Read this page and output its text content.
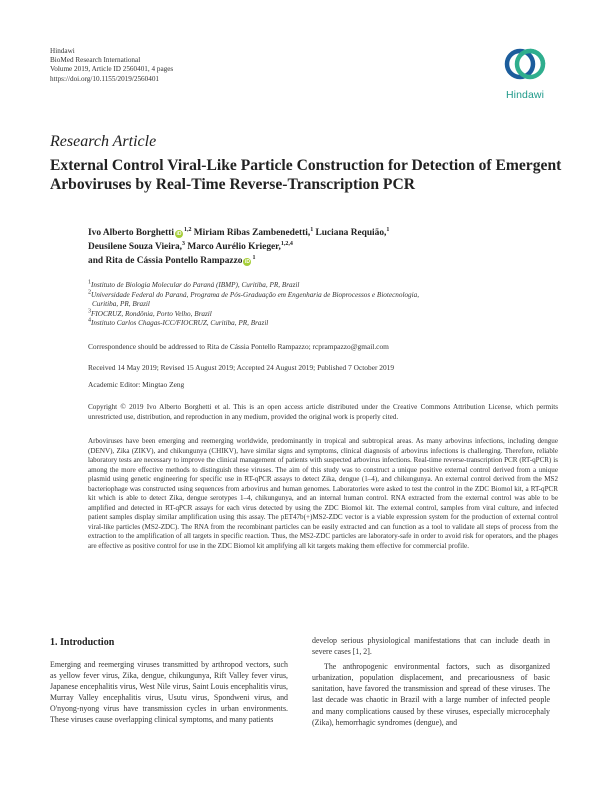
Hindawi
BioMed Research International
Volume 2019, Article ID 2560401, 4 pages
https://doi.org/10.1155/2019/2560401
Hindawi
Research Article
External Control Viral-Like Particle Construction for Detection of Emergent Arboviruses by Real-Time Reverse-Transcription PCR
Ivo Alberto Borghetti iD$^{1,2}$ Miriam Ribas Zambenedetti,$^1$ Luciana Requião,$^1$
Deusilene Souza Vieira,$^3$ Marco Aurélio Krieger,$^{1,2,4}$
and Rita de Cássia Pontello Rampazzo $iD^1$
$^1$Instituto de Biologia Molecular do Paraná (IBMP), Curitiba, PR, Brazil
$^2$Universidade Federal do Paraná, Programa de Pós-Graduação em Engenharia de Bioprocessos e Biotecnologia,
Curitiba, PR, Brazil
$^3$FIOCRUZ, Rondônia, Porto Velho, Brazil
$^4$Instituto Carlos Chagas-ICC/FIOCRUZ, Curitiba, PR, Brazil
Correspondence should be addressed to Rita de Cássia Pontello Rampazzo; rcprampazzo@gmail.com
Received 14 May 2019; Revised 15 August 2019; Accepted 24 August 2019; Published 7 October 2019
Academic Editor: Mingtao Zeng
Copyright © 2019 Ivo Alberto Borghetti et al. This is an open access article distributed under the Creative Commons Attribution License, which permits unrestricted use, distribution, and reproduction in any medium, provided the original work is properly cited.
Arboviruses have been emerging and reemerging worldwide, predominantly in tropical and subtropical areas. As many arbovirus infections, including dengue (DENV), Zika (ZIKV), and chikungunya (CHIKV), have similar signs and symptoms, clinical diagnosis of arbovirus infections is challenging. Therefore, reliable laboratory tests are necessary to improve the clinical management of patients with suspected arbovirus infections. Real-time reverse-transcription PCR (RT-qPCR) is among the more effective methods to distinguish these viruses. The aim of this study was to construct a unique positive external control derived from a unique plasmid using genetic engineering for specific use in RT-qPCR assays to detect Zika, dengue (1–4), and chikungunya. An external control derived from the MS2 bacteriophage was constructed using sequences from arbovirus and human genomes. Laboratories were asked to test the control in the ZDC Biomol kit, a RT-qPCR kit which is able to detect Zika, dengue serotypes 1–4, chikungunya, and an internal human control. RNA extracted from the external control was able to be amplified and detected in RT-qPCR assays for each virus detected by using the ZDC Biomol kit. The external control, samples from viral culture, and infected patient samples display similar amplification using this assay. The pET47b(+)MS2-ZDC vector is a viable expression system for the production of external control viral-like particles (MS2-ZDC). The RNA from the recombinant particles can be easily extracted and can function as a tool to validate all steps of process from the extraction to the amplification of all targets in specific reaction. Thus, the MS2-ZDC particles are laboratory-safe in order to avoid risk for operators, and the phages are effective as positive control for use in the ZDC Biomol kit amplifying all kit targets making them effective for commercial profile.
1. Introduction

Emerging and reemerging viruses transmitted by arthropod vectors, such as yellow fever virus, Zika, dengue, chikungunya, Rift Valley fever virus, Japanese encephalitis virus, West Nile virus, Saint Louis encephalitis virus, Murray Valley encephalitis virus, Usutu virus, Spondweni virus, and O'nyong-nyong virus have transmission cycles in urban environments. These viruses cause overlapping clinical symptoms, and many patients

develop serious physiological manifestations that can include death in severe cases [1, 2].

The anthropogenic environmental factors, such as disorganized urbanization, population displacement, and precariousness of basic sanitation, have favored the transmission and spread of these viruses. The last decade was chaotic in Brazil with a large number of infected people and many complications caused by these viruses, especially microcephaly (Zika), hemorrhagic syndromes (dengue), and
